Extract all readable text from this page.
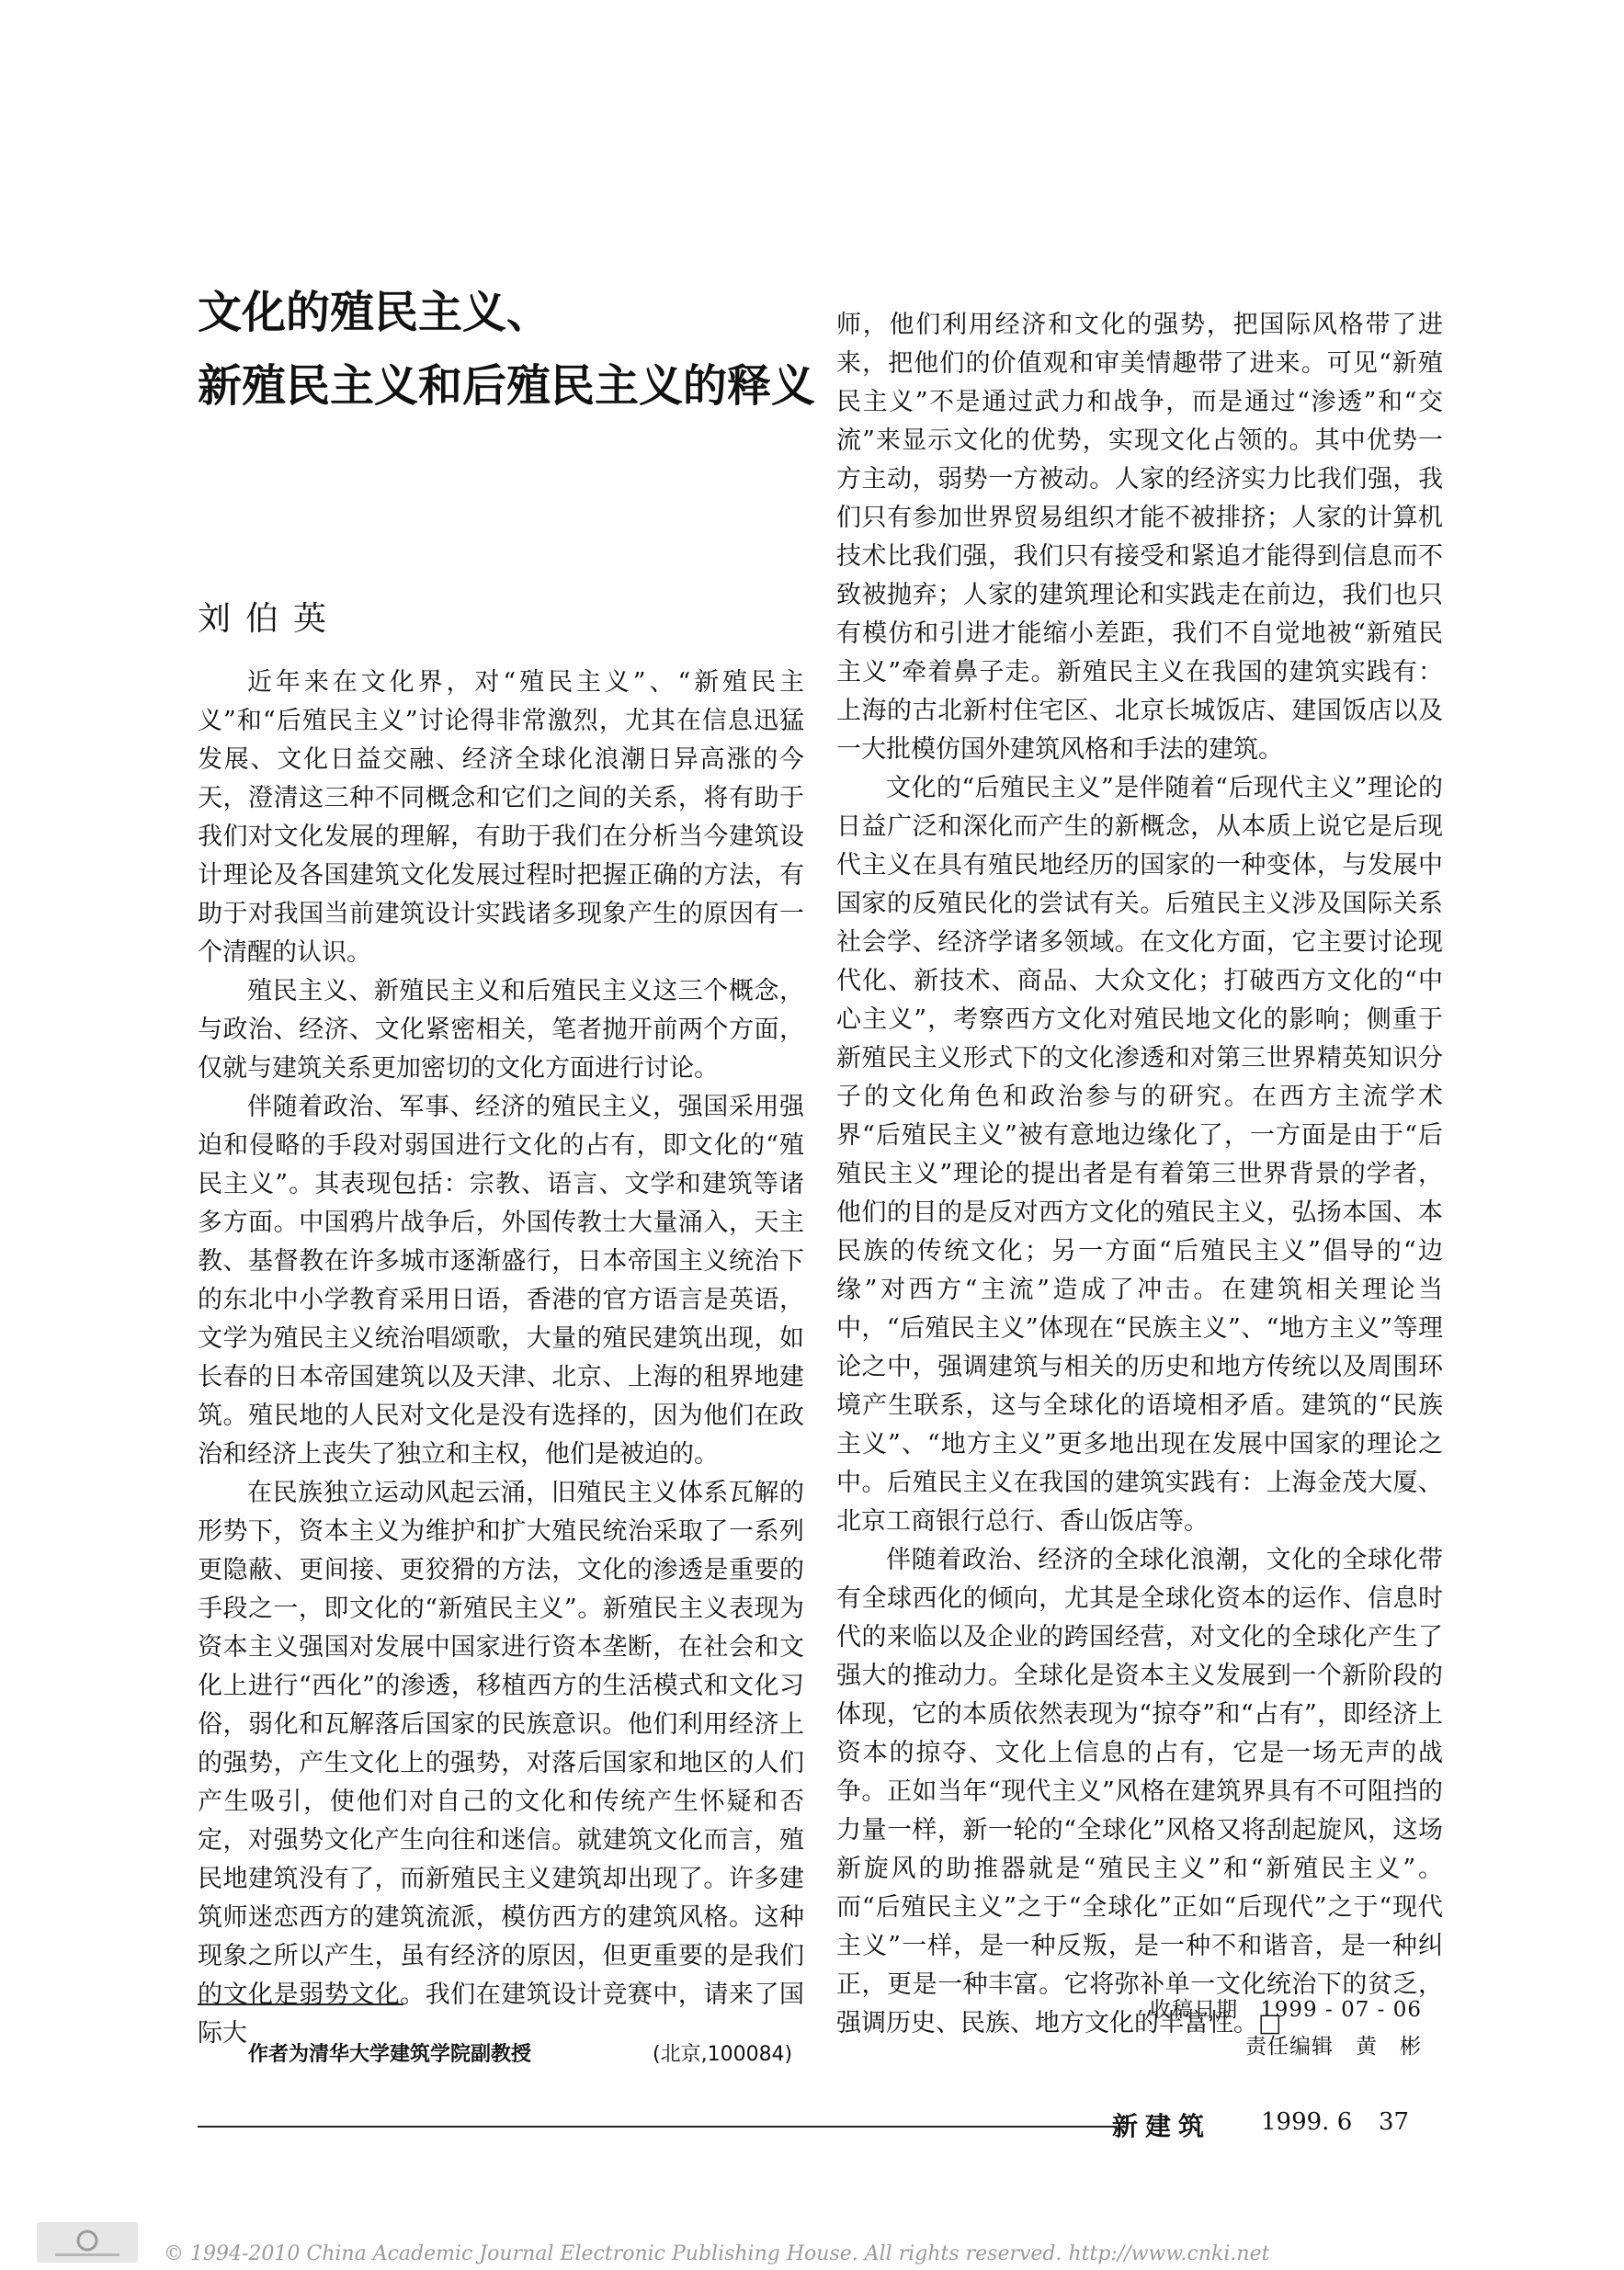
文化的殖民主义、
新殖民主义和后殖民主义的释义
刘伯英

近年来在文化界，对“殖民主义”、“新殖民主义”和“后殖民主义”讨论得非常激烈，尤其在信息迅猛发展、文化日益交融、经济全球化浪潮日异高涨的今天，澄清这三种不同概念和它们之间的关系，将有助于我们对文化发展的理解，有助于我们在分析当今建筑设计理论及各国建筑文化发展过程时把握正确的方法，有助于对我国当前建筑设计实践诸多现象产生的原因有一个清醒的认识。

殖民主义、新殖民主义和后殖民主义这三个概念，与政治、经济、文化紧密相关，笔者抛开前两个方面，仅就与建筑关系更加密切的文化方面进行讨论。

伴随着政治、军事、经济的殖民主义，强国采用强迫和侵略的手段对弱国进行文化的占有，即文化的“殖民主义”。其表现包括：宗教、语言、文学和建筑等诸多方面。中国鸦片战争后，外国传教士大量涌入，天主教、基督教在许多城市逐渐盛行，日本帝国主义统治下的东北中小学教育采用日语，香港的官方语言是英语，文学为殖民主义统治唱颂歌，大量的殖民建筑出现，如长春的日本帝国建筑以及天津、北京、上海的租界地建筑。殖民地的人民对文化是没有选择的，因为他们在政治和经济上丧失了独立和主权，他们是被迫的。

在民族独立运动风起云涌，旧殖民主义体系瓦解的形势下，资本主义为维护和扩大殖民统治采取了一系列更隐蔽、更间接、更狡猾的方法，文化的渗透是重要的手段之一，即文化的“新殖民主义”。新殖民主义表现为资本主义强国对发展中国家进行资本垄断，在社会和文化上进行“西化”的渗透，移植西方的生活模式和文化习俗，弱化和瓦解落后国家的民族意识。他们利用经济上的强势，产生文化上的强势，对落后国家和地区的人们产生吸引，使他们对自己的文化和传统产生怀疑和否定，对强势文化产生向往和迷信。就建筑文化而言，殖民地建筑没有了，而新殖民主义建筑却出现了。许多建筑师迷恋西方的建筑流派，模仿西方的建筑风格。这种现象之所以产生，虽有经济的原因，但更重要的是我们的文化是弱势文化。我们在建筑设计竞赛中，请来了国际大

师，他们利用经济和文化的强势，把国际风格带了进来，把他们的价值观和审美情趣带了进来。可见“新殖民主义”不是通过武力和战争，而是通过“渗透”和“交流”来显示文化的优势，实现文化占领的。其中优势一方主动，弱势一方被动。人家的经济实力比我们强，我们只有参加世界贸易组织才能不被排挤；人家的计算机技术比我们强，我们只有接受和紧追才能得到信息而不致被抛弃；人家的建筑理论和实践走在前边，我们也只有模仿和引进才能缩小差距，我们不自觉地被“新殖民主义”牵着鼻子走。新殖民主义在我国的建筑实践有：上海的古北新村住宅区、北京长城饭店、建国饭店以及一大批模仿国外建筑风格和手法的建筑。

文化的“后殖民主义”是伴随着“后现代主义”理论的日益广泛和深化而产生的新概念，从本质上说它是后现代主义在具有殖民地经历的国家的一种变体，与发展中国家的反殖民化的尝试有关。后殖民主义涉及国际关系社会学、经济学诸多领域。在文化方面，它主要讨论现代化、新技术、商品、大众文化；打破西方文化的“中心主义”，考察西方文化对殖民地文化的影响；侧重于新殖民主义形式下的文化渗透和对第三世界精英知识分子的文化角色和政治参与的研究。在西方主流学术界“后殖民主义”被有意地边缘化了，一方面是由于“后殖民主义”理论的提出者是有着第三世界背景的学者，他们的目的是反对西方文化的殖民主义，弘扬本国、本民族的传统文化；另一方面“后殖民主义”倡导的“边缘”对西方“主流”造成了冲击。在建筑相关理论当中，“后殖民主义”体现在“民族主义”、“地方主义”等理论之中，强调建筑与相关的历史和地方传统以及周围环境产生联系，这与全球化的语境相矛盾。建筑的“民族主义”、“地方主义”更多地出现在发展中国家的理论之中。后殖民主义在我国的建筑实践有：上海金茂大厦、北京工商银行总行、香山饭店等。

伴随着政治、经济的全球化浪潮，文化的全球化带有全球西化的倾向，尤其是全球化资本的运作、信息时代的来临以及企业的跨国经营，对文化的全球化产生了强大的推动力。全球化是资本主义发展到一个新阶段的体现，它的本质依然表现为“掠夺”和“占有”，即经济上资本的掠夺、文化上信息的占有，它是一场无声的战争。正如当年“现代主义”风格在建筑界具有不可阻挡的力量一样，新一轮的“全球化”风格又将刮起旋风，这场新旋风的助推器就是“殖民主义”和“新殖民主义”。而“后殖民主义”之于“全球化”正如“后现代”之于“现代主义”一样，是一种反叛，是一种不和谐音，是一种纠正，更是一种丰富。它将弥补单一文化统治下的贫乏，强调历史、民族、地方文化的丰富性。□

收稿日期　1999 - 07 - 06
责任编辑　黄　彬
作者为清华大学建筑学院副教授	(北京,100084)
新建筑 1999. 6 37
© 1994-2010 China Academic Journal Electronic Publishing House. All rights reserved. http://www.cnki.net
